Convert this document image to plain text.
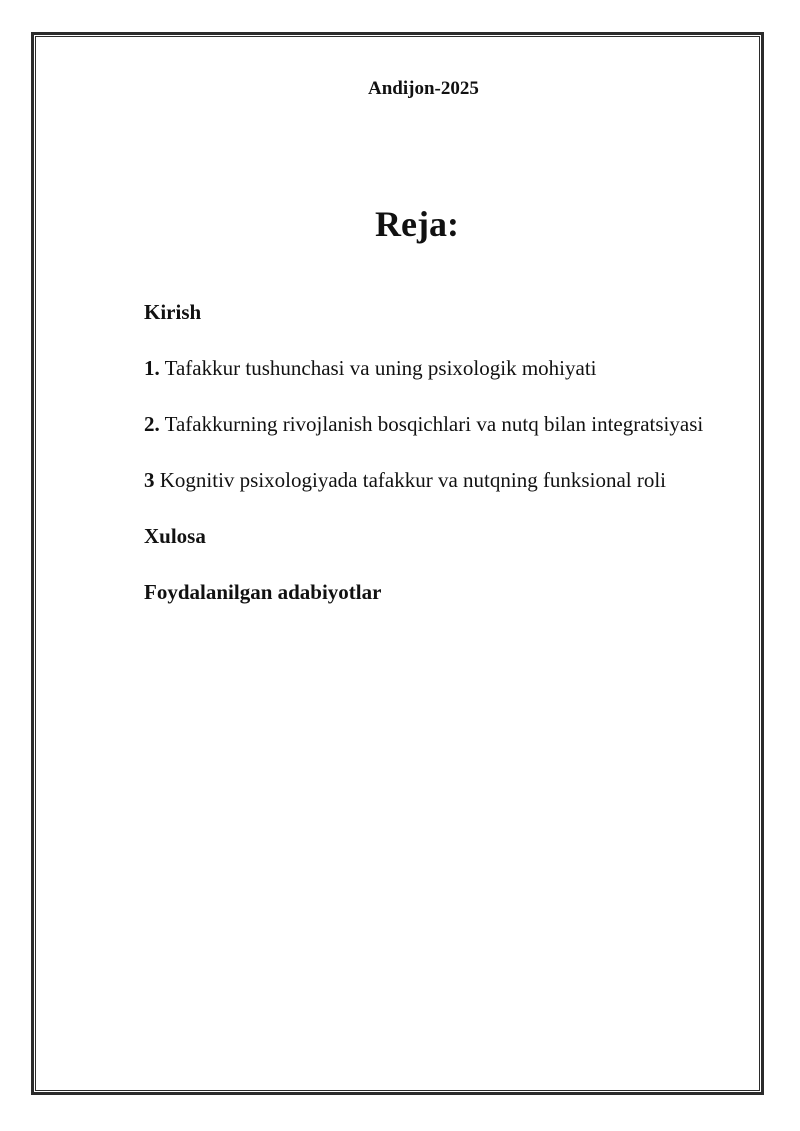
Andijon-2025
Reja:

Kirish

1. Tafakkur tushunchasi va uning psixologik mohiyati

2. Tafakkurning rivojlanish bosqichlari va nutq bilan integratsiyasi

3 Kognitiv psixologiyada tafakkur va nutqning funksional roli

Xulosa

Foydalanilgan adabiyotlar
